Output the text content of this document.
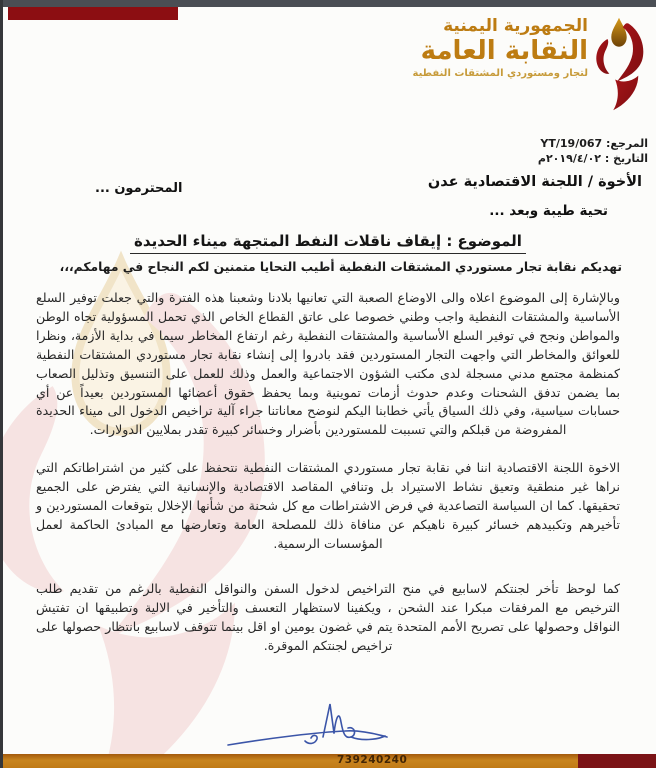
الجمهورية اليمنية
النقابة العامة
لتجار ومستوردي المشتقات النفطية
المرجع: YT/19/067
التاريخ : ٢٠١٩/٤/٠٢م
الأخوة / اللجنة الاقتصادية عدن
المحترمون ...
تحية طيبة وبعد ...
الموضوع : إيقاف ناقلات النفط المتجهة ميناء الحديدة
تهديكم نقابة تجار مستوردي المشتقات النفطية أطيب التحايا متمنين لكم النجاح في مهامكم،،،

وبالإشارة إلى الموضوع اعلاه والى الاوضاع الصعبة التي تعانيها بلادنا وشعبنا هذه الفترة والتي جعلت توفير السلع الأساسية والمشتقات النفطية واجب وطني خصوصا على عاتق القطاع الخاص الذي تحمل المسؤولية تجاه الوطن والمواطن ونجح في توفير السلع الأساسية والمشتقات النفطية رغم ارتفاع المخاطر سيما في بداية الأزمة، ونظرا للعوائق والمخاطر التي واجهت التجار المستوردين فقد بادروا إلى إنشاء نقابة تجار مستوردي المشتقات النفطية كمنظمة مجتمع مدني مسجلة لدى مكتب الشؤون الاجتماعية والعمل وذلك للعمل على التنسيق وتذليل الصعاب بما يضمن تدفق الشحنات وعدم حدوث أزمات تموينية وبما يحفظ حقوق أعضائها المستوردين بعيداً عن أي حسابات سياسية، وفي ذلك السياق يأتي خطابنا اليكم لنوضح معاناتنا جراء آلية تراخيص الدخول الى ميناء الحديدة المفروضة من قبلكم والتي تسببت للمستوردين بأضرار وخسائر كبيرة تقدر بملايين الدولارات.

الاخوة اللجنة الاقتصادية اننا في نقابة تجار مستوردي المشتقات النفطية نتحفظ على كثير من اشتراطاتكم التي نراها غير منطقية وتعيق نشاط الاستيراد بل وتنافي المقاصد الاقتصادية والإنسانية التي يفترض على الجميع تحقيقها. كما ان السياسة التصاعدية في فرض الاشتراطات مع كل شحنة من شأنها الإخلال بتوقعات المستوردين و تأخيرهم وتكبيدهم خسائر كبيرة ناهيكم عن منافاة ذلك للمصلحة العامة وتعارضها مع المبادئ الحاكمة لعمل المؤسسات الرسمية.

كما لوحظ تأخر لجنتكم لاسابيع في منح التراخيص لدخول السفن والنواقل النفطية بالرغم من تقديم طلب الترخيص مع المرفقات مبكرا عند الشحن ، ويكفينا لاستظهار التعسف والتأخير في الالية وتطبيقها ان تفتيش النواقل وحصولها على تصريح الأمم المتحدة يتم في غضون يومين او اقل بينما تتوقف لاسابيع بانتظار حصولها على تراخيص لجنتكم الموقرة.

739240240
